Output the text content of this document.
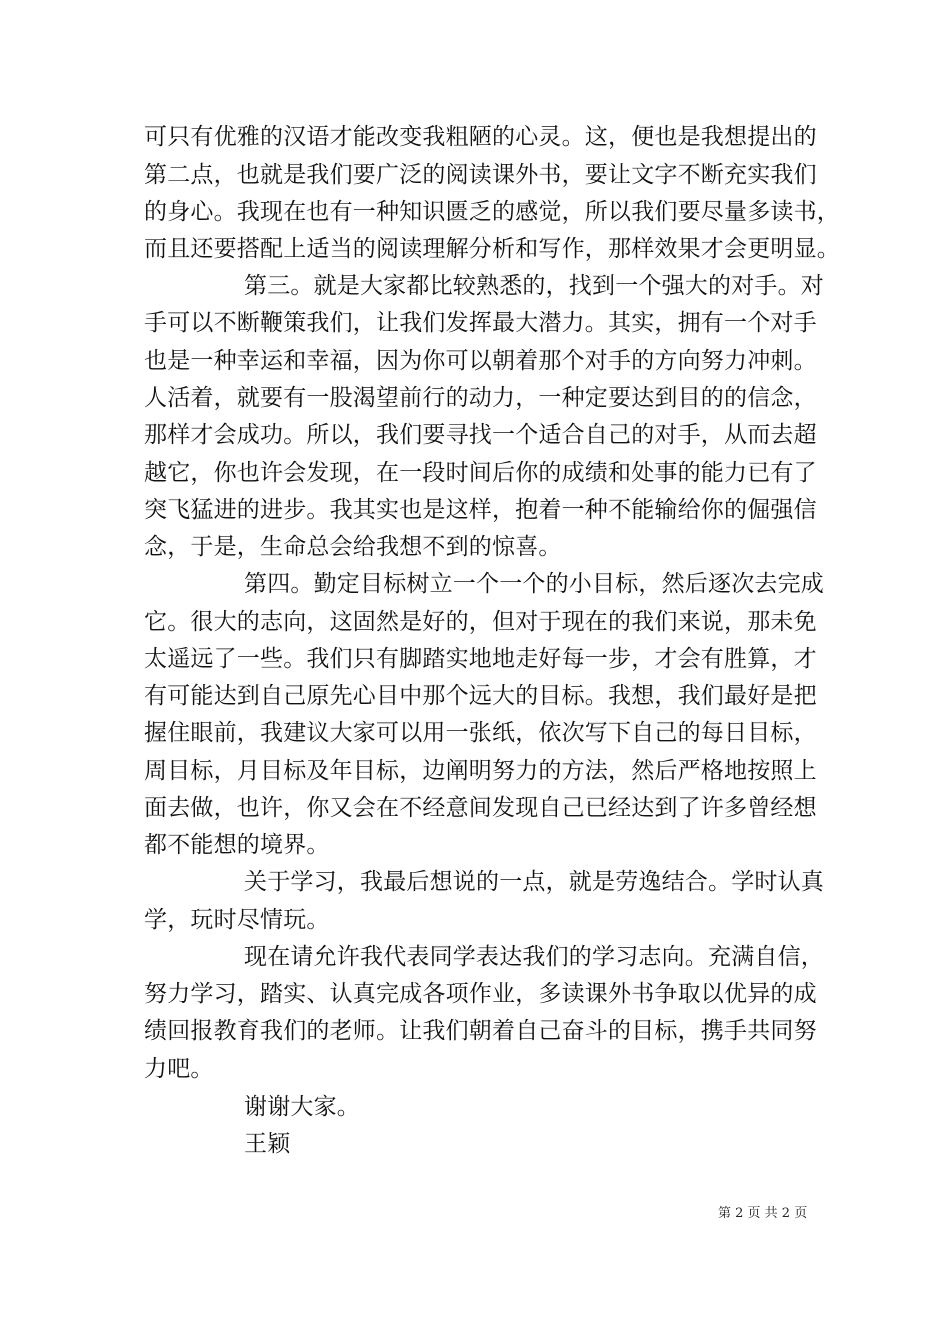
可只有优雅的汉语才能改变我粗陋的心灵。这，便也是我想提出的
第二点，也就是我们要广泛的阅读课外书，要让文字不断充实我们
的身心。我现在也有一种知识匮乏的感觉，所以我们要尽量多读书，
而且还要搭配上适当的阅读理解分析和写作，那样效果才会更明显。
第三。就是大家都比较熟悉的，找到一个强大的对手。对
手可以不断鞭策我们，让我们发挥最大潜力。其实，拥有一个对手
也是一种幸运和幸福，因为你可以朝着那个对手的方向努力冲刺。
人活着，就要有一股渴望前行的动力，一种定要达到目的的信念，
那样才会成功。所以，我们要寻找一个适合自己的对手，从而去超
越它，你也许会发现，在一段时间后你的成绩和处事的能力已有了
突飞猛进的进步。我其实也是这样，抱着一种不能输给你的倔强信
念，于是，生命总会给我想不到的惊喜。
第四。勤定目标树立一个一个的小目标，然后逐次去完成
它。很大的志向，这固然是好的，但对于现在的我们来说，那未免
太遥远了一些。我们只有脚踏实地地走好每一步，才会有胜算，才
有可能达到自己原先心目中那个远大的目标。我想，我们最好是把
握住眼前，我建议大家可以用一张纸，依次写下自己的每日目标，
周目标，月目标及年目标，边阐明努力的方法，然后严格地按照上
面去做，也许，你又会在不经意间发现自己已经达到了许多曾经想
都不能想的境界。
关于学习，我最后想说的一点，就是劳逸结合。学时认真
学，玩时尽情玩。
现在请允许我代表同学表达我们的学习志向。充满自信，
努力学习，踏实、认真完成各项作业，多读课外书争取以优异的成
绩回报教育我们的老师。让我们朝着自己奋斗的目标，携手共同努
力吧。
谢谢大家。
王颖
第 2 页 共 2 页
